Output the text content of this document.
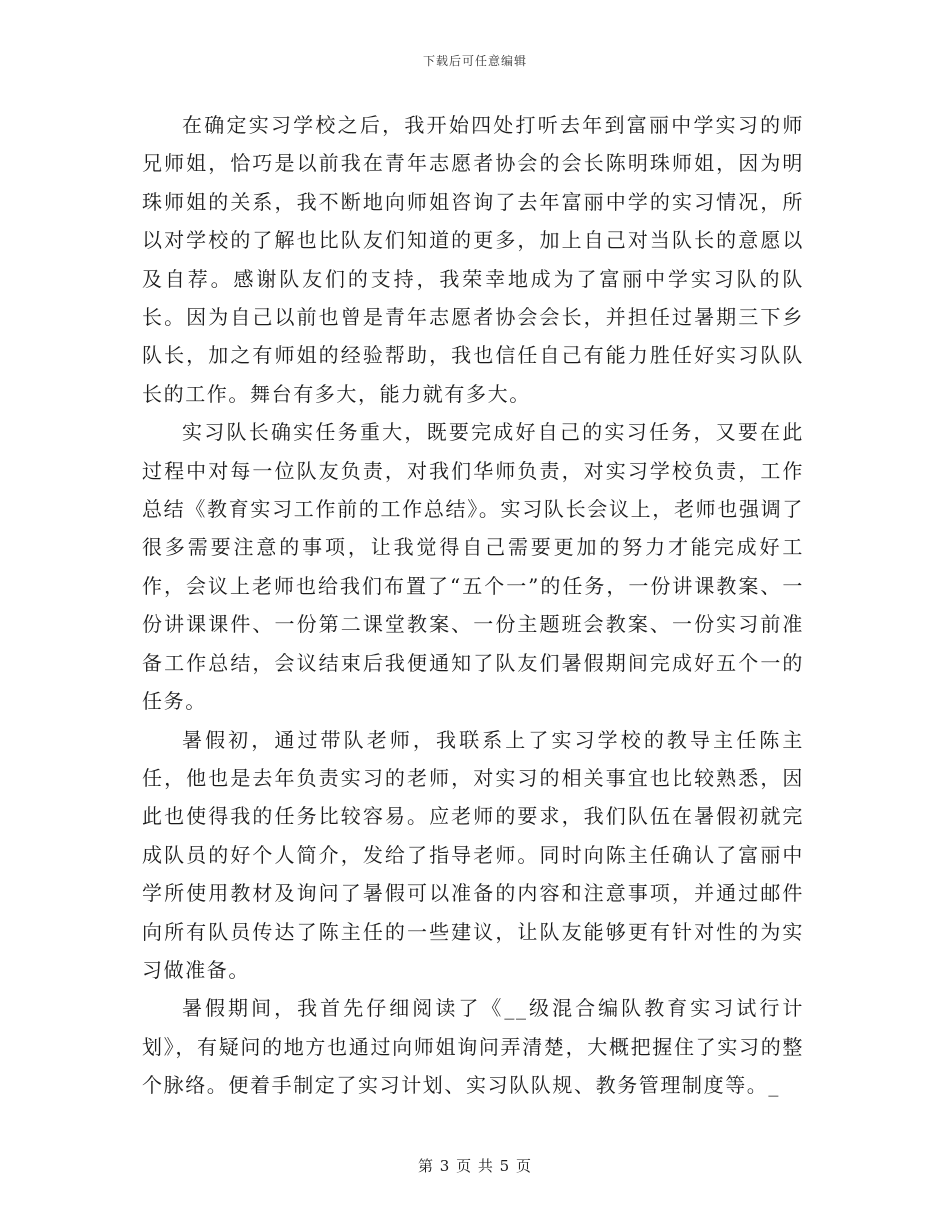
下载后可任意编辑

在确定实习学校之后，我开始四处打听去年到富丽中学实习的师兄师姐，恰巧是以前我在青年志愿者协会的会长陈明珠师姐，因为明珠师姐的关系，我不断地向师姐咨询了去年富丽中学的实习情况，所以对学校的了解也比队友们知道的更多，加上自己对当队长的意愿以及自荐。感谢队友们的支持，我荣幸地成为了富丽中学实习队的队长。因为自己以前也曾是青年志愿者协会会长，并担任过暑期三下乡队长，加之有师姐的经验帮助，我也信任自己有能力胜任好实习队队长的工作。舞台有多大，能力就有多大。

实习队长确实任务重大，既要完成好自己的实习任务，又要在此过程中对每一位队友负责，对我们华师负责，对实习学校负责，工作总结《教育实习工作前的工作总结》。实习队长会议上，老师也强调了很多需要注意的事项，让我觉得自己需要更加的努力才能完成好工作，会议上老师也给我们布置了“五个一”的任务，一份讲课教案、一份讲课课件、一份第二课堂教案、一份主题班会教案、一份实习前准备工作总结，会议结束后我便通知了队友们暑假期间完成好五个一的任务。

暑假初，通过带队老师，我联系上了实习学校的教导主任陈主任，他也是去年负责实习的老师，对实习的相关事宜也比较熟悉，因此也使得我的任务比较容易。应老师的要求，我们队伍在暑假初就完成队员的好个人简介，发给了指导老师。同时向陈主任确认了富丽中学所使用教材及询问了暑假可以准备的内容和注意事项，并通过邮件向所有队员传达了陈主任的一些建议，让队友能够更有针对性的为实习做准备。

暑假期间，我首先仔细阅读了《__级混合编队教育实习试行计划》，有疑问的地方也通过向师姐询问弄清楚，大概把握住了实习的整个脉络。便着手制定了实习计划、实习队队规、教务管理制度等。_

第 3 页 共 5 页
